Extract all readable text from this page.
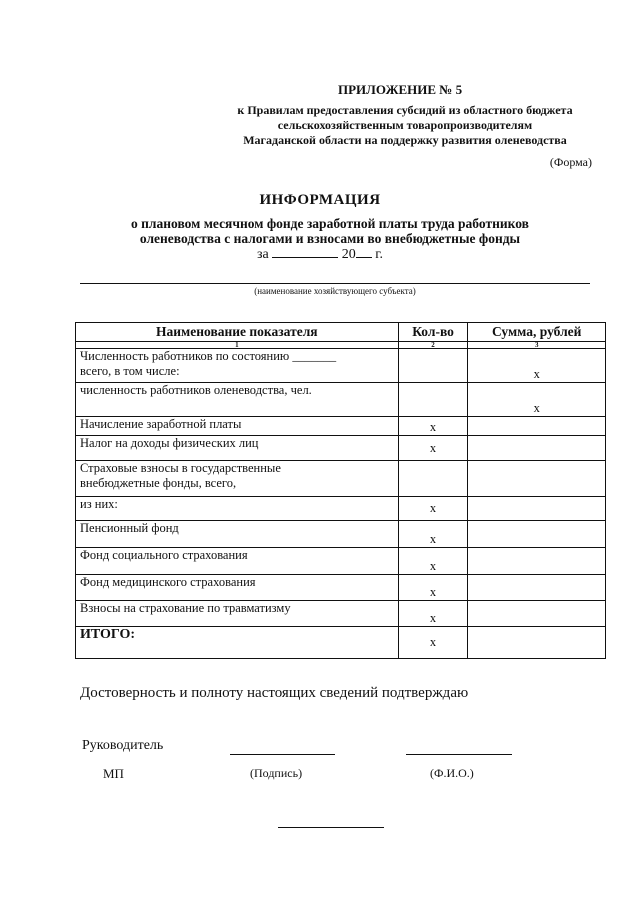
ПРИЛОЖЕНИЕ № 5
к Правилам предоставления субсидий из областного бюджета
сельскохозяйственным товаропроизводителям
Магаданской области на поддержку развития оленеводства
(Форма)
ИНФОРМАЦИЯ
о плановом месячном фонде заработной платы труда работников
оленеводства с налогами и взносами во внебюджетные фонды
за	20 г.
(наименование хозяйствующего субъекта)
Наименование показателя	Кол-во	Сумма, рублей
1	2	3

Численность работников по состоянию _______
всего, в том числе:		x
численность работников оленеводства, чел.		x
Начисление заработной платы	x	
Налог на доходы физических лиц	x	

Страховые взносы в государственные
внебюджетные фонды, всего,		

из них:	x	
Пенсионный фонд	x	
Фонд социального страхования	x	
Фонд медицинского страхования	x	
Взносы на страхование по травматизму	x	
ИТОГО:	x	
Достоверность и полноту настоящих сведений подтверждаю
Руководитель
МП	(Подпись)	(Ф.И.О.)
